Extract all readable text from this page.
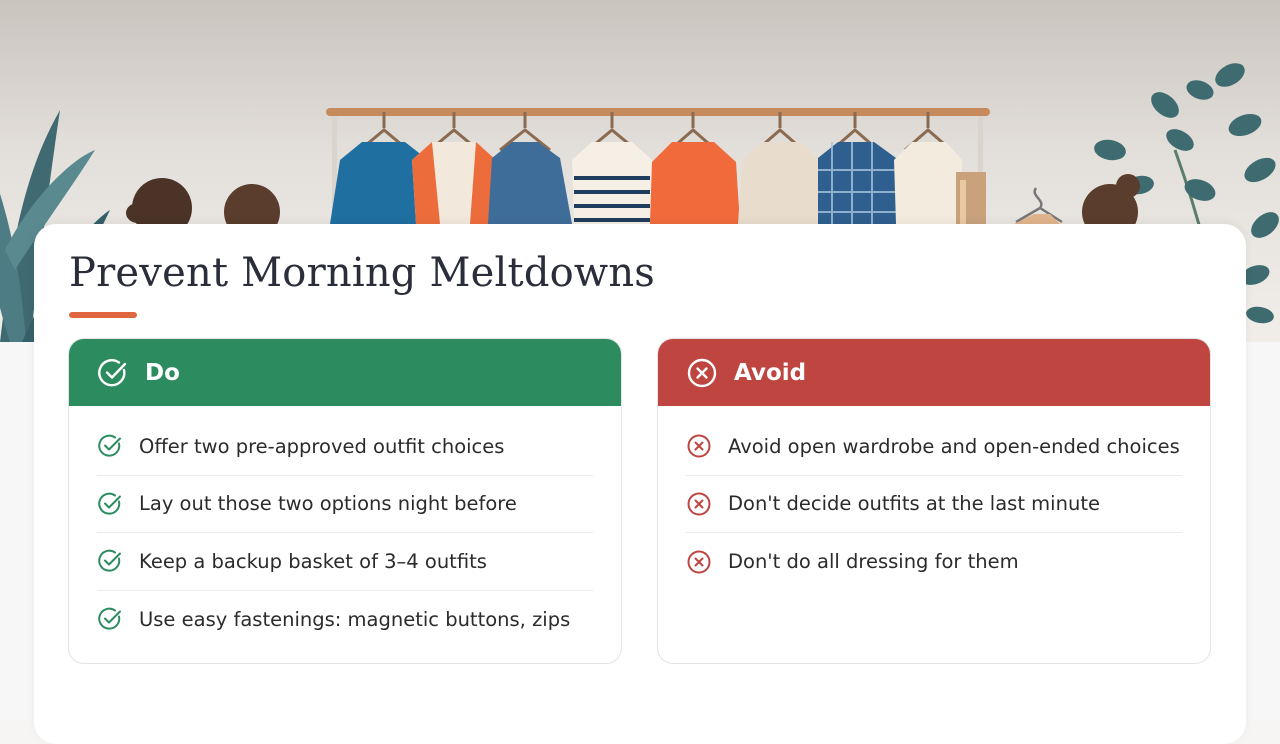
Prevent Morning Meltdowns
Do
Offer two pre-approved outfit choices
Lay out those two options night before
Keep a backup basket of 3–4 outfits
Use easy fastenings: magnetic buttons, zips
Avoid
Avoid open wardrobe and open-ended choices
Don't decide outfits at the last minute
Don't do all dressing for them
